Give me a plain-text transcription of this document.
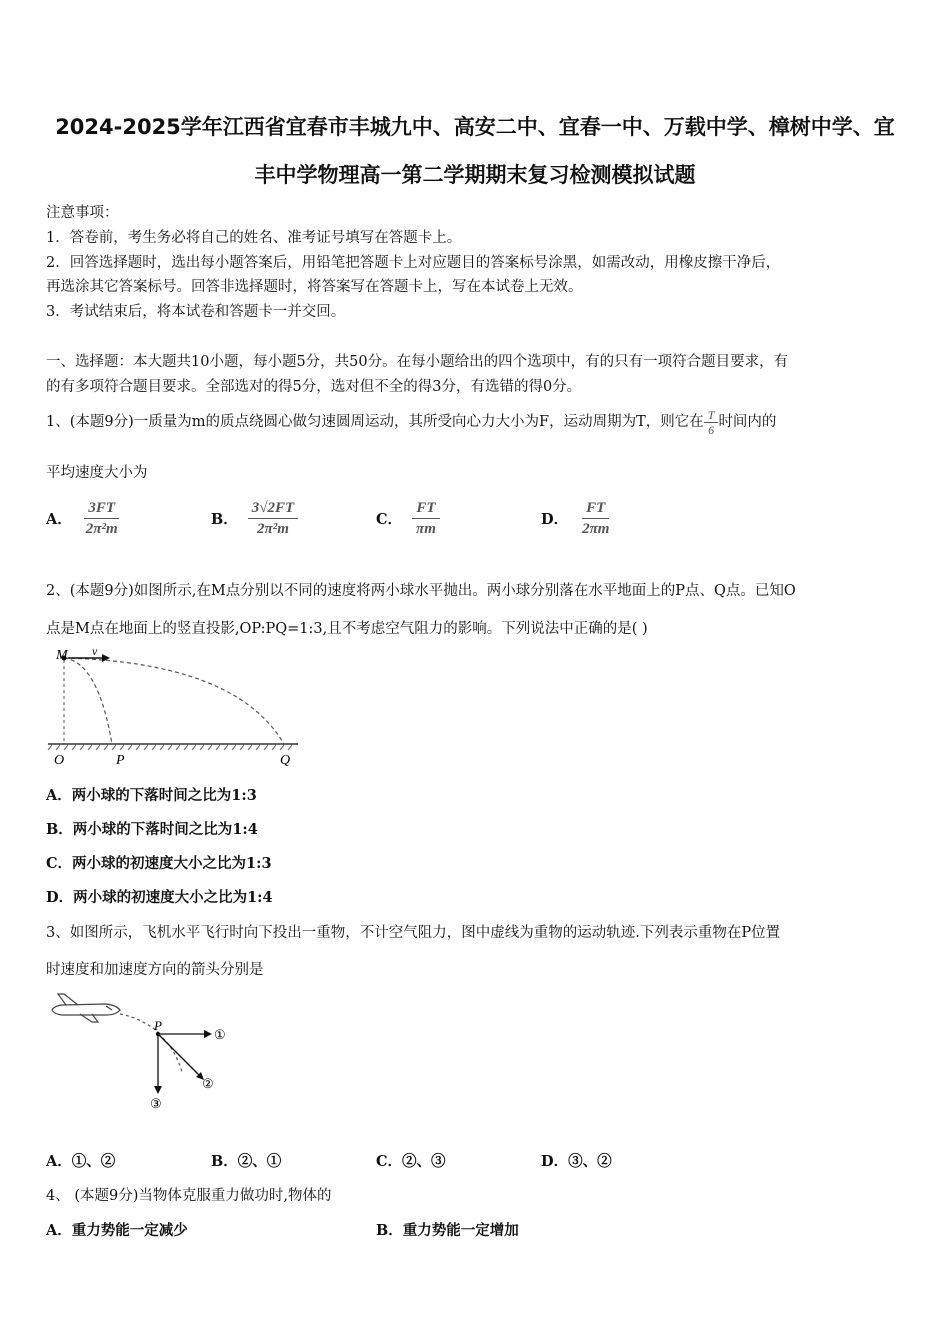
2024-2025学年江西省宜春市丰城九中、高安二中、宜春一中、万载中学、樟树中学、宜
丰中学物理高一第二学期期末复习检测模拟试题
注意事项：
1．答卷前，考生务必将自己的姓名、准考证号填写在答题卡上。
2．回答选择题时，选出每小题答案后，用铅笔把答题卡上对应题目的答案标号涂黑，如需改动，用橡皮擦干净后，
再选涂其它答案标号。回答非选择题时，将答案写在答题卡上，写在本试卷上无效。
3．考试结束后，将本试卷和答题卡一并交回。
一、选择题：本大题共10小题，每小题5分，共50分。在每小题给出的四个选项中，有的只有一项符合题目要求，有
的有多项符合题目要求。全部选对的得5分，选对但不全的得3分，有选错的得0分。
1、(本题9分)一质量为m的质点绕圆心做匀速圆周运动，其所受向心力大小为F，运动周期为T，则它在 $\frac{T}{6}$ 时间内的
平均速度大小为
A． $\frac{3FT}{\text{2π²m}}$	B． $\frac{3√2FT}{\text{2π²m}}$	C． $\frac{FT}{\pi m}$	D． $\frac{FT}{2\pi m}$
2、(本题9分)如图所示,在M点分别以不同的速度将两小球水平抛出。两小球分别落在水平地面上的P点、Q点。已知O
点是M点在地面上的竖直投影,OP:PQ=1:3,且不考虑空气阻力的影响。下列说法中正确的是( )
M v
O	P	Q
A．两小球的下落时间之比为1:3
B．两小球的下落时间之比为1:4
C．两小球的初速度大小之比为1:3
D．两小球的初速度大小之比为1:4
3、如图所示，飞机水平飞行时向下投出一重物，不计空气阻力，图中虚线为重物的运动轨迹.下列表示重物在P位置
时速度和加速度方向的箭头分别是
P
①
②
③
A．①、②	B．②、①	C．②、③	D．③、②
4、 (本题9分)当物体克服重力做功时,物体的
A．重力势能一定减少	B．重力势能一定增加
